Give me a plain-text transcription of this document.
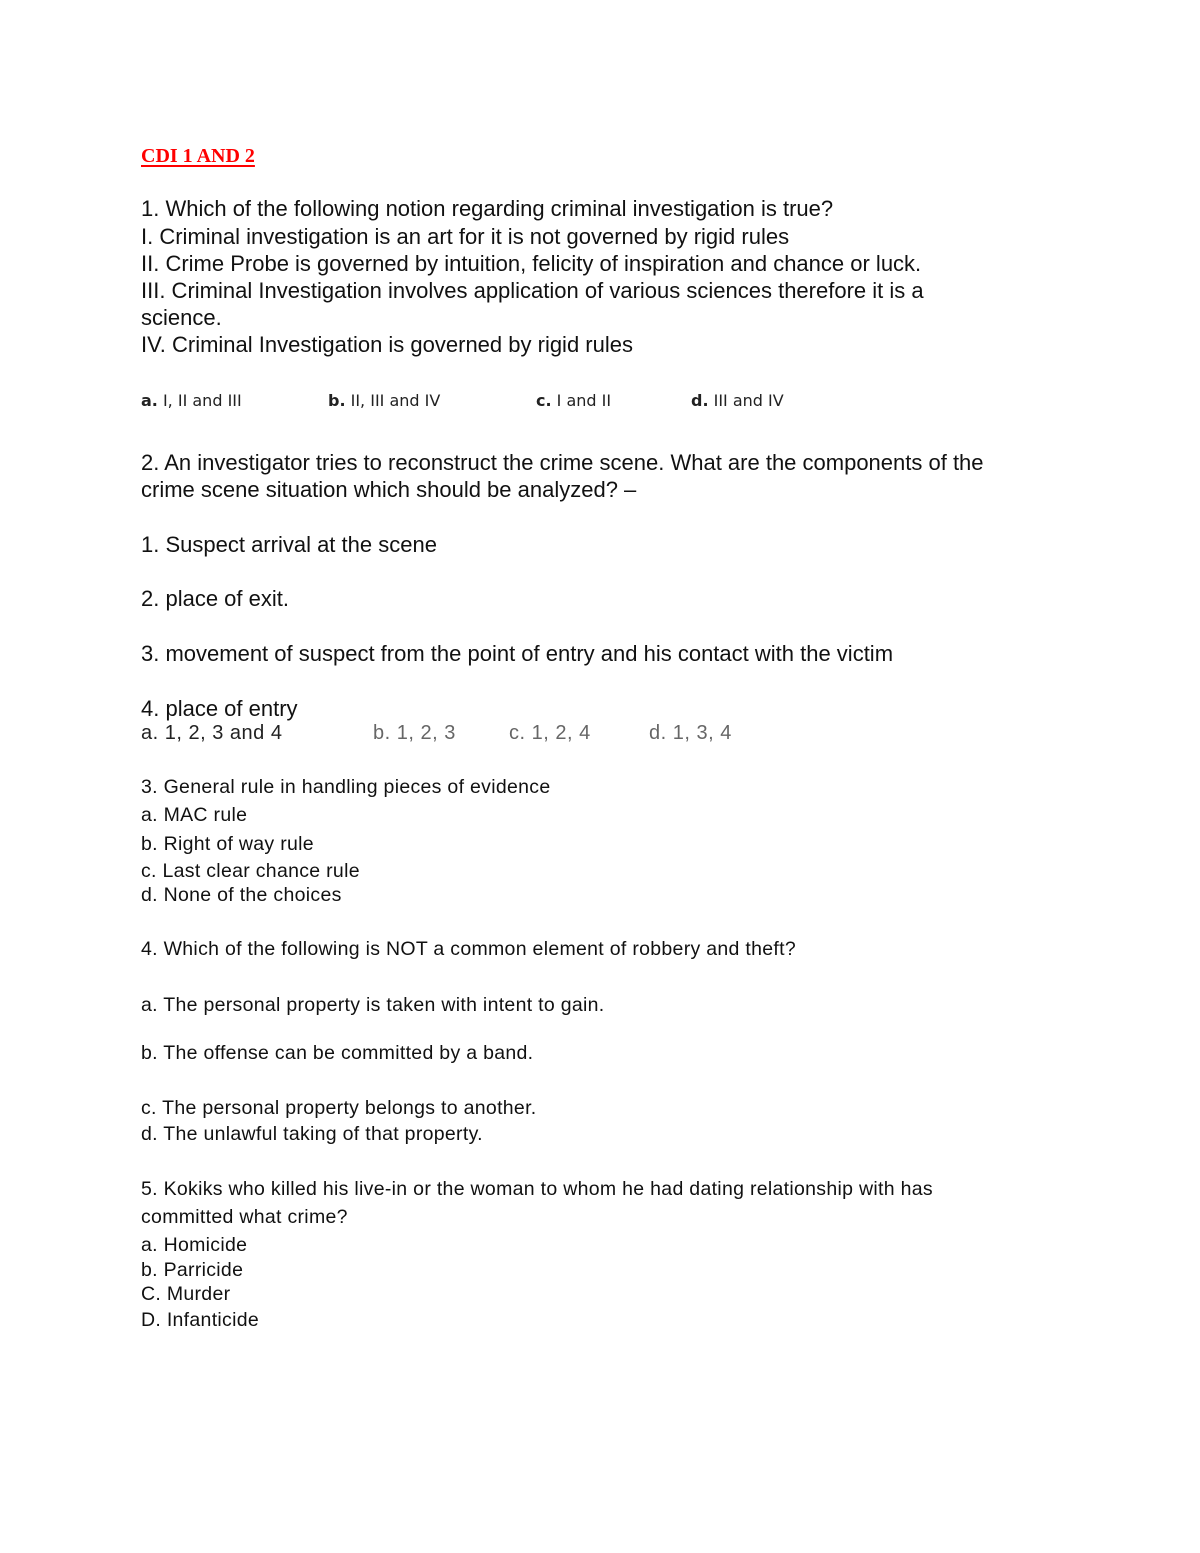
CDI 1 AND 2
1. Which of the following notion regarding criminal investigation is true?
I. Criminal investigation is an art for it is not governed by rigid rules
II. Crime Probe is governed by intuition, felicity of inspiration and chance or luck.
III. Criminal Investigation involves application of various sciences therefore it is a
science.
IV. Criminal Investigation is governed by rigid rules
a. I, II and III	b. II, III and IV	c. I and II	d. III and IV
2. An investigator tries to reconstruct the crime scene. What are the components of the
crime scene situation which should be analyzed? –
1. Suspect arrival at the scene
2. place of exit.
3. movement of suspect from the point of entry and his contact with the victim
4. place of entry
a. 1, 2, 3 and 4	b. 1, 2, 3	c. 1, 2, 4	d. 1, 3, 4
3. General rule in handling pieces of evidence
a. MAC rule
b. Right of way rule
c. Last clear chance rule
d. None of the choices
4. Which of the following is NOT a common element of robbery and theft?
a. The personal property is taken with intent to gain.
b. The offense can be committed by a band.
c. The personal property belongs to another.
d. The unlawful taking of that property.
5. Kokiks who killed his live-in or the woman to whom he had dating relationship with has
committed what crime?
a. Homicide
b. Parricide
C. Murder
D. Infanticide
